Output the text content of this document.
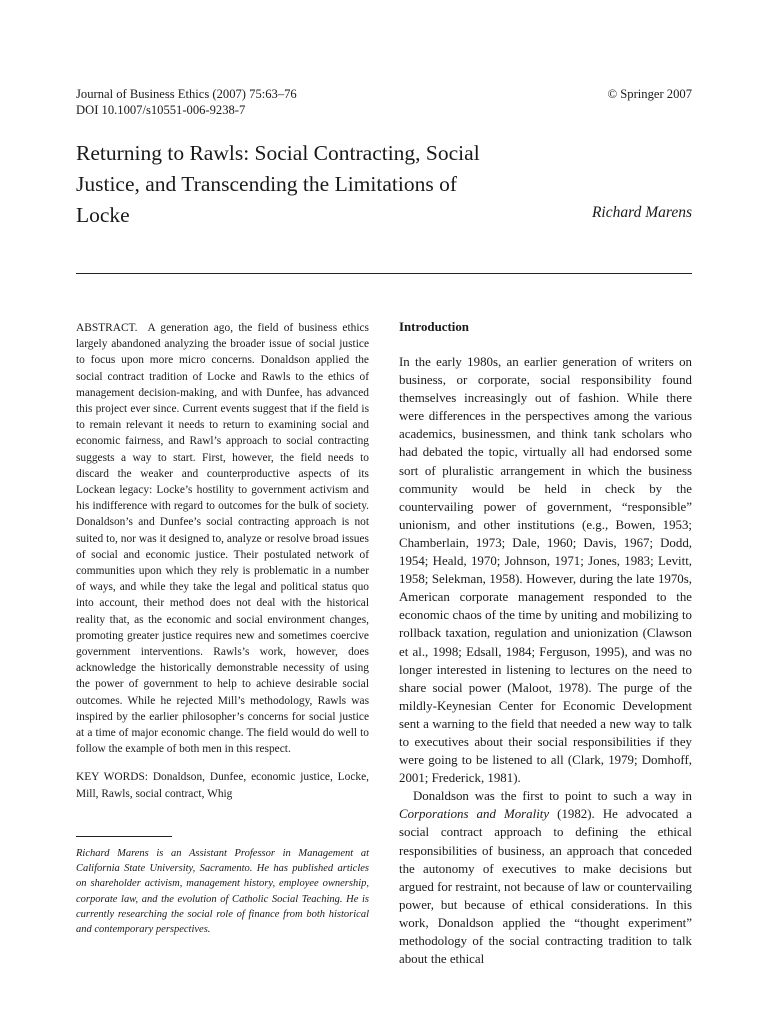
Journal of Business Ethics (2007) 75:63–76
DOI 10.1007/s10551-006-9238-7
© Springer 2007
Returning to Rawls: Social Contracting, Social Justice, and Transcending the Limitations of Locke	Richard Marens

ABSTRACT. A generation ago, the field of business ethics largely abandoned analyzing the broader issue of social justice to focus upon more micro concerns. Donaldson applied the social contract tradition of Locke and Rawls to the ethics of management decision-making, and with Dunfee, has advanced this project ever since. Current events suggest that if the field is to remain relevant it needs to return to examining social and economic fairness, and Rawl’s approach to social contracting suggests a way to start. First, however, the field needs to discard the weaker and counterproductive aspects of its Lockean legacy: Locke’s hostility to government activism and his indifference with regard to outcomes for the bulk of society. Donaldson’s and Dunfee’s social contracting approach is not suited to, nor was it designed to, analyze or resolve broad issues of social and economic justice. Their postulated network of communities upon which they rely is problematic in a number of ways, and while they take the legal and political status quo into account, their method does not deal with the historical reality that, as the economic and social environment changes, promoting greater justice requires new and sometimes coercive government interventions. Rawls’s work, however, does acknowledge the historically demonstrable necessity of using the power of government to help to achieve desirable social outcomes. While he rejected Mill’s methodology, Rawls was inspired by the earlier philosopher’s concerns for social justice at a time of major economic change. The field would do well to follow the example of both men in this respect.

KEY WORDS: Donaldson, Dunfee, economic justice, Locke, Mill, Rawls, social contract, Whig

Richard Marens is an Assistant Professor in Management at California State University, Sacramento. He has published articles on shareholder activism, management history, employee ownership, corporate law, and the evolution of Catholic Social Teaching. He is currently researching the social role of finance from both historical and contemporary perspectives.

Introduction

In the early 1980s, an earlier generation of writers on business, or corporate, social responsibility found themselves increasingly out of fashion. While there were differences in the perspectives among the various academics, businessmen, and think tank scholars who had debated the topic, virtually all had endorsed some sort of pluralistic arrangement in which the business community would be held in check by the countervailing power of government, “responsible” unionism, and other institutions (e.g., Bowen, 1953; Chamberlain, 1973; Dale, 1960; Davis, 1967; Dodd, 1954; Heald, 1970; Johnson, 1971; Jones, 1983; Levitt, 1958; Selekman, 1958). However, during the late 1970s, American corporate management responded to the economic chaos of the time by uniting and mobilizing to rollback taxation, regulation and unionization (Clawson et al., 1998; Edsall, 1984; Ferguson, 1995), and was no longer interested in listening to lectures on the need to share social power (Maloot, 1978). The purge of the mildly-Keynesian Center for Economic Development sent a warning to the field that needed a new way to talk to executives about their social responsibilities if they were going to be listened to all (Clark, 1979; Domhoff, 2001; Frederick, 1981).

Donaldson was the first to point to such a way in Corporations and Morality (1982). He advocated a social contract approach to defining the ethical responsibilities of business, an approach that conceded the autonomy of executives to make decisions but argued for restraint, not because of law or countervailing power, but because of ethical considerations. In this work, Donaldson applied the “thought experiment” methodology of the social contracting tradition to talk about the ethical
